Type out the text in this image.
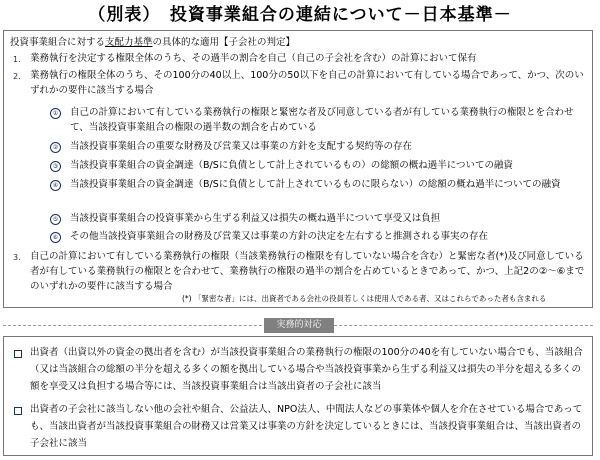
（別表）　投資事業組合の連結について－日本基準－
投資事業組合に対する支配力基準の具体的な適用【子会社の判定】
1. 業務執行を決定する権限全体のうち、その過半の割合を自己（自己の子会社を含む）の計算において保有
2. 業務執行の権限全体のうち、その100分の40以上、100分の50以下を自己の計算において有している場合であって、かつ、次のいずれかの要件に該当する場合
① 自己の計算において有している業務執行の権限と緊密な者及び同意している者が有している業務執行の権限とを合わせて、当該投資事業組合の権限の過半数の割合を占めている
② 当該投資事業組合の重要な財務及び営業又は事業の方針を支配する契約等の存在
③ 当該投資事業組合の資金調達（B/Sに負債として計上されているもの）の総額の概ね過半についての融資
④ 当該投資事業組合の資金調達（B/Sに負債として計上されているものに限らない）の総額の概ね過半についての融資
⑤ 当該投資事業組合の投資事業から生ずる利益又は損失の概ね過半について享受又は負担
⑥ その他当該投資事業組合の財務及び営業又は事業の方針の決定を左右すると推測される事実の存在
3. 自己の計算において有している業務執行の権限（当該業務執行の権限を有していない場合を含む）と緊密な者(*)及び同意している者が有している業務執行の権限とを合わせて、業務執行の権限の過半の割合を占めているときであって、かつ、上記2の②～⑥までのいずれかの要件に該当する場合
(*) 「緊密な者」には、出資者である会社の役員若しくは使用人である者、又はこれらであった者も含まれる
実務的対応
出資者（出資以外の資金の拠出者を含む）が当該投資事業組合の業務執行の権限の100分の40を有していない場合でも、当該組合（又は当該組合の総額の半分を超える多くの額を拠出している場合や当該投資事業から生ずる利益又は損失の半分を超える多くの額を享受又は負担する場合等には、当該投資事業組合は当該出資者の子会社に該当
出資者の子会社に該当しない他の会社や組合、公益法人、NPO法人、中間法人などの事業体や個人を介在させている場合であっても、当該出資者が当該投資事業組合の財務又は営業又は事業の方針を決定しているときには、当該投資事業組合は、当該出資者の子会社に該当
